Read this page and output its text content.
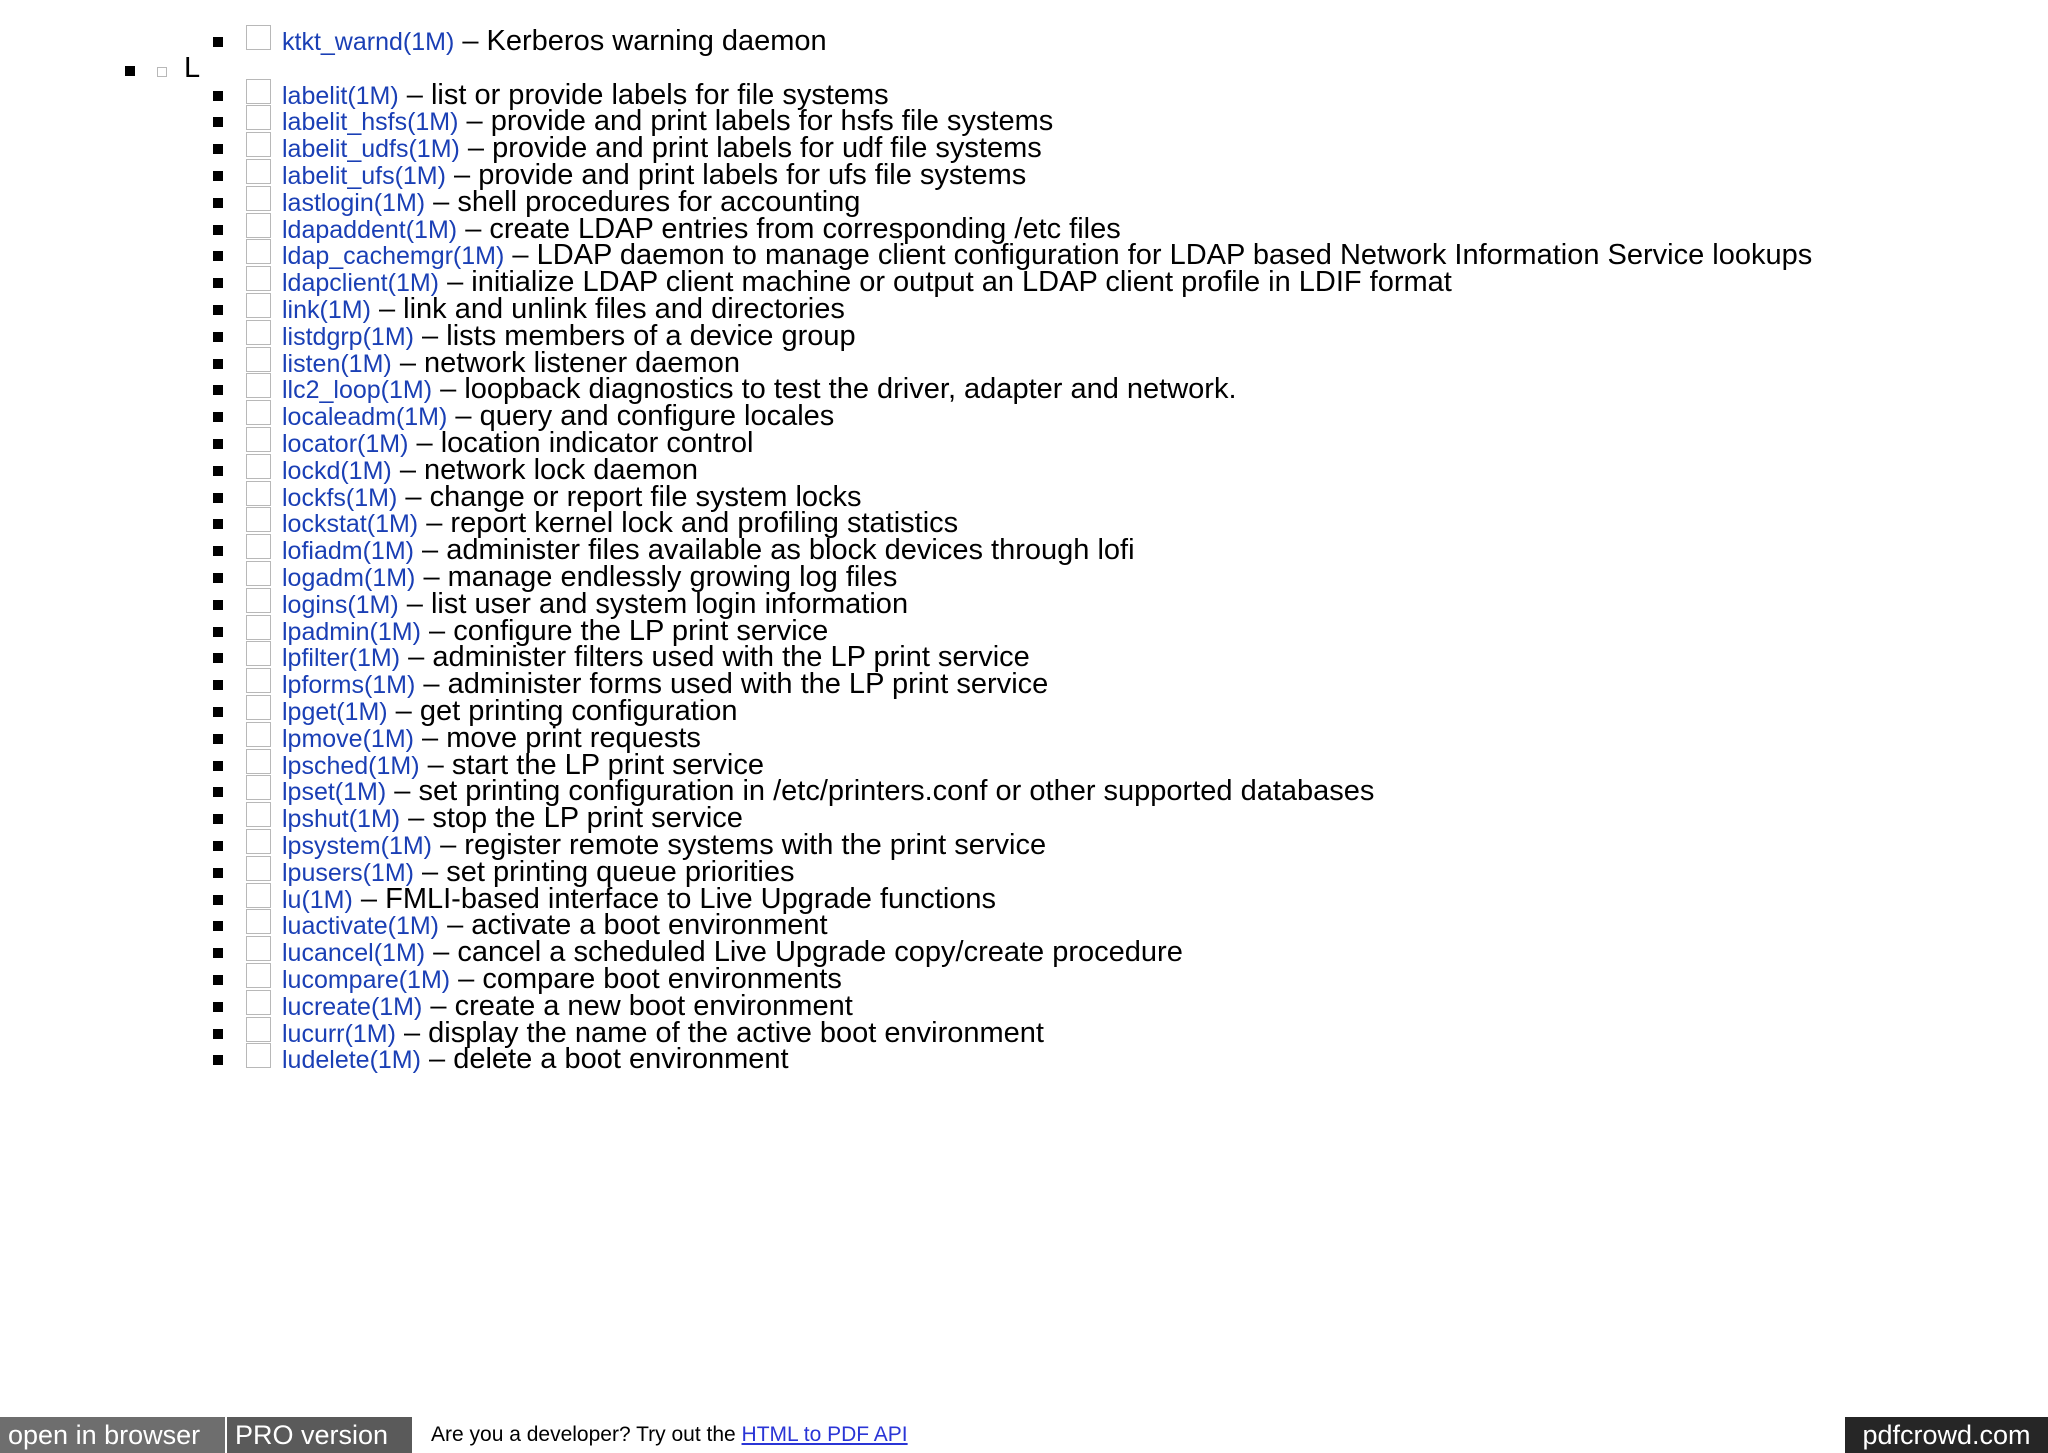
ktkt_warnd(1M) – Kerberos warning daemon
L
labelit(1M) – list or provide labels for file systems
labelit_hsfs(1M) – provide and print labels for hsfs file systems
labelit_udfs(1M) – provide and print labels for udf file systems
labelit_ufs(1M) – provide and print labels for ufs file systems
lastlogin(1M) – shell procedures for accounting
ldapaddent(1M) – create LDAP entries from corresponding /etc files
ldap_cachemgr(1M) – LDAP daemon to manage client configuration for LDAP based Network Information Service lookups
ldapclient(1M) – initialize LDAP client machine or output an LDAP client profile in LDIF format
link(1M) – link and unlink files and directories
listdgrp(1M) – lists members of a device group
listen(1M) – network listener daemon
llc2_loop(1M) – loopback diagnostics to test the driver, adapter and network.
localeadm(1M) – query and configure locales
locator(1M) – location indicator control
lockd(1M) – network lock daemon
lockfs(1M) – change or report file system locks
lockstat(1M) – report kernel lock and profiling statistics
lofiadm(1M) – administer files available as block devices through lofi
logadm(1M) – manage endlessly growing log files
logins(1M) – list user and system login information
lpadmin(1M) – configure the LP print service
lpfilter(1M) – administer filters used with the LP print service
lpforms(1M) – administer forms used with the LP print service
lpget(1M) – get printing configuration
lpmove(1M) – move print requests
lpsched(1M) – start the LP print service
lpset(1M) – set printing configuration in /etc/printers.conf or other supported databases
lpshut(1M) – stop the LP print service
lpsystem(1M) – register remote systems with the print service
lpusers(1M) – set printing queue priorities
lu(1M) – FMLI-based interface to Live Upgrade functions
luactivate(1M) – activate a boot environment
lucancel(1M) – cancel a scheduled Live Upgrade copy/create procedure
lucompare(1M) – compare boot environments
lucreate(1M) – create a new boot environment
lucurr(1M) – display the name of the active boot environment
ludelete(1M) – delete a boot environment
open in browser	PRO version	Are you a developer? Try out the HTML to PDF API	pdfcrowd.com
